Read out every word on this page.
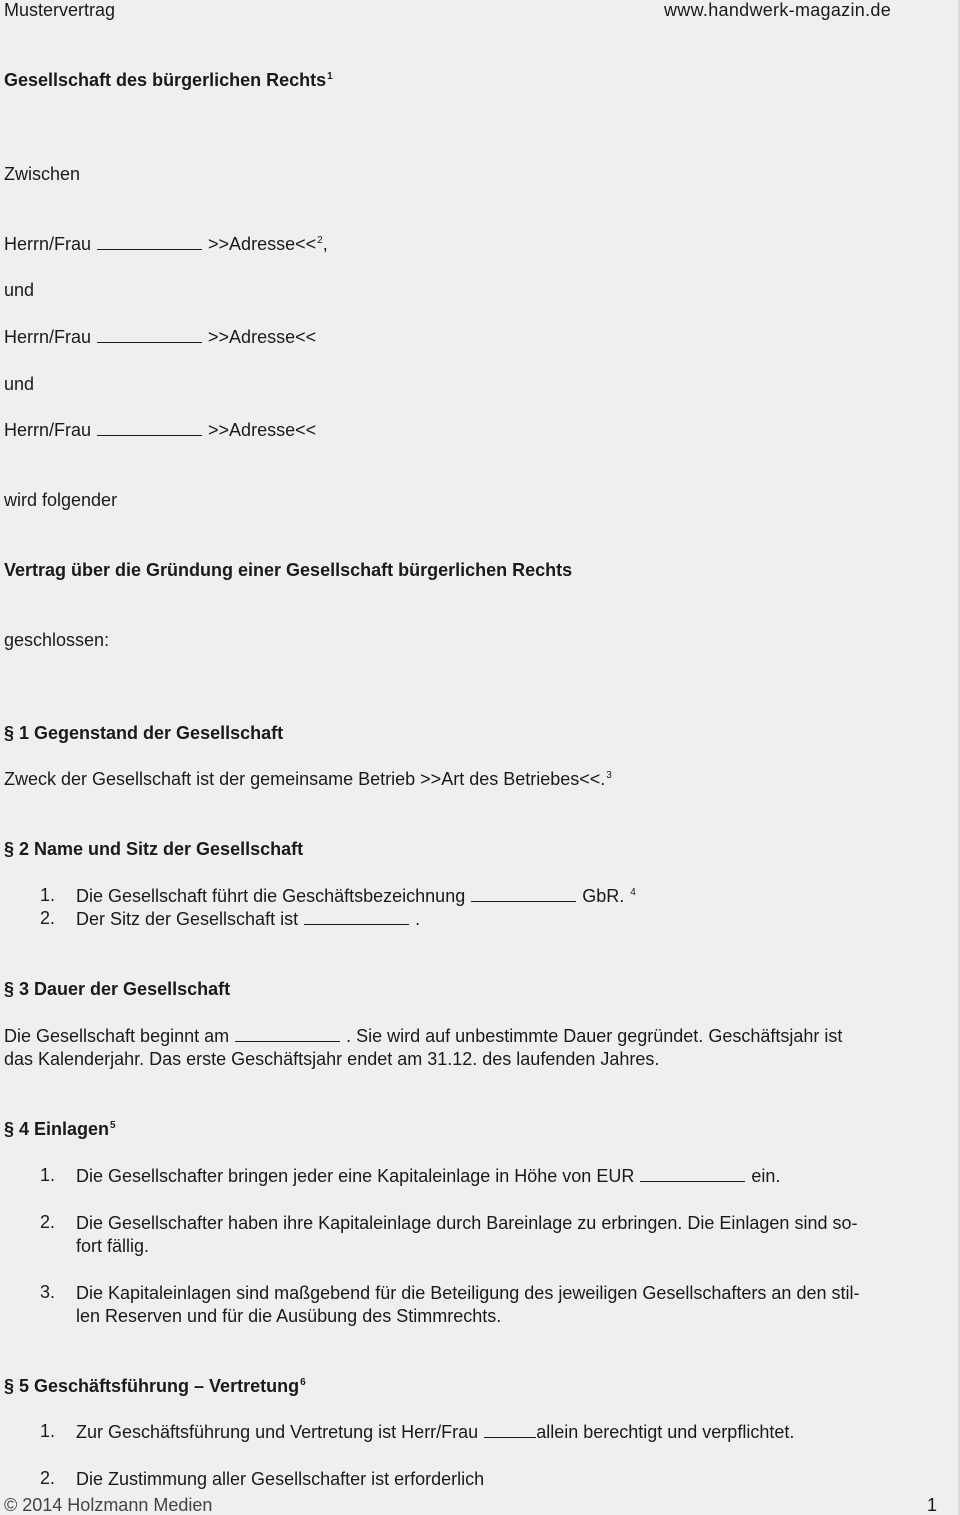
Mustervertrag	www.handwerk-magazin.de
Gesellschaft des bürgerlichen Rechts$^1$
Zwischen
Herrn/Frau	>>Adresse<<$^2$,
und
Herrn/Frau	>>Adresse<<
und
Herrn/Frau	>>Adresse<<
wird folgender
Vertrag über die Gründung einer Gesellschaft bürgerlichen Rechts
geschlossen:
§ 1 Gegenstand der Gesellschaft
Zweck der Gesellschaft ist der gemeinsame Betrieb >>Art des Betriebes<<.$^3$
§ 2 Name und Sitz der Gesellschaft
1. Die Gesellschaft führt die Geschäftsbezeichnung	GbR. $^4$
2. Der Sitz der Gesellschaft ist	.
§ 3 Dauer der Gesellschaft
Die Gesellschaft beginnt am	. Sie wird auf unbestimmte Dauer gegründet. Geschäftsjahr ist
das Kalenderjahr. Das erste Geschäftsjahr endet am 31.12. des laufenden Jahres.
§ 4 Einlagen$^5$
1. Die Gesellschafter bringen jeder eine Kapitaleinlage in Höhe von EUR	ein.
2. Die Gesellschafter haben ihre Kapitaleinlage durch Bareinlage zu erbringen. Die Einlagen sind so-
fort fällig.
3. Die Kapitaleinlagen sind maßgebend für die Beteiligung des jeweiligen Gesellschafters an den stil-
len Reserven und für die Ausübung des Stimmrechts.
§ 5 Geschäftsführung – Vertretung$^6$
1. Zur Geschäftsführung und Vertretung ist Herr/Frau	allein berechtigt und verpflichtet.
2. Die Zustimmung aller Gesellschafter ist erforderlich
© 2014 Holzmann Medien	1
